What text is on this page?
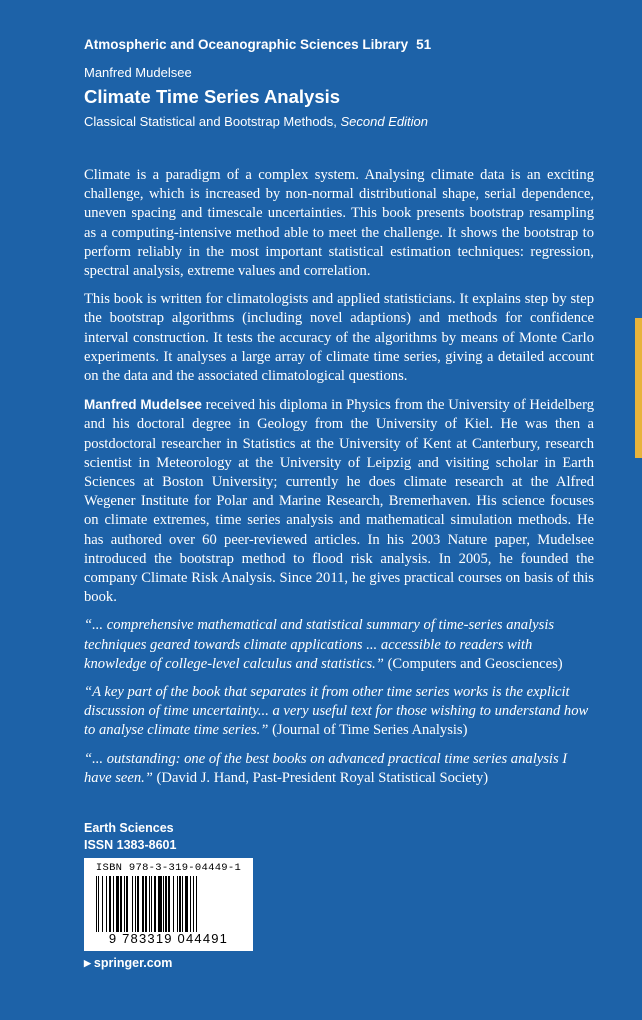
Atmospheric and Oceanographic Sciences Library 51
Manfred Mudelsee
Climate Time Series Analysis
Classical Statistical and Bootstrap Methods, Second Edition

Climate is a paradigm of a complex system. Analysing climate data is an exciting challenge, which is increased by non-normal distributional shape, serial dependence, uneven spacing and timescale uncertainties. This book presents bootstrap resampling as a computing-intensive method able to meet the challenge. It shows the bootstrap to perform reliably in the most important statistical estimation techniques: regression, spectral analysis, extreme values and correlation.

This book is written for climatologists and applied statisticians. It explains step by step the bootstrap algorithms (including novel adaptions) and methods for confidence interval construction. It tests the accuracy of the algorithms by means of Monte Carlo experiments. It analyses a large array of climate time series, giving a detailed account on the data and the associated climatological questions.

Manfred Mudelsee received his diploma in Physics from the University of Heidelberg and his doctoral degree in Geology from the University of Kiel. He was then a postdoctoral researcher in Statistics at the University of Kent at Canterbury, research scientist in Meteorology at the University of Leipzig and visiting scholar in Earth Sciences at Boston University; currently he does climate research at the Alfred Wegener Institute for Polar and Marine Research, Bremerhaven. His science focuses on climate extremes, time series analysis and mathematical simulation methods. He has authored over 60 peer-reviewed articles. In his 2003 Nature paper, Mudelsee introduced the bootstrap method to flood risk analysis. In 2005, he founded the company Climate Risk Analysis. Since 2011, he gives practical courses on basis of this book.

“... comprehensive mathematical and statistical summary of time-series analysis techniques geared towards climate applications ... accessible to readers with knowledge of college-level calculus and statistics.” (Computers and Geosciences)

“A key part of the book that separates it from other time series works is the explicit discussion of time uncertainty... a very useful text for those wishing to understand how to analyse climate time series.” (Journal of Time Series Analysis)

“... outstanding: one of the best books on advanced practical time series analysis I have seen.” (David J. Hand, Past-President Royal Statistical Society)

Earth Sciences
ISSN 1383-8601
ISBN 978-3-319-04449-1
9 783319 044491
▶ springer.com
